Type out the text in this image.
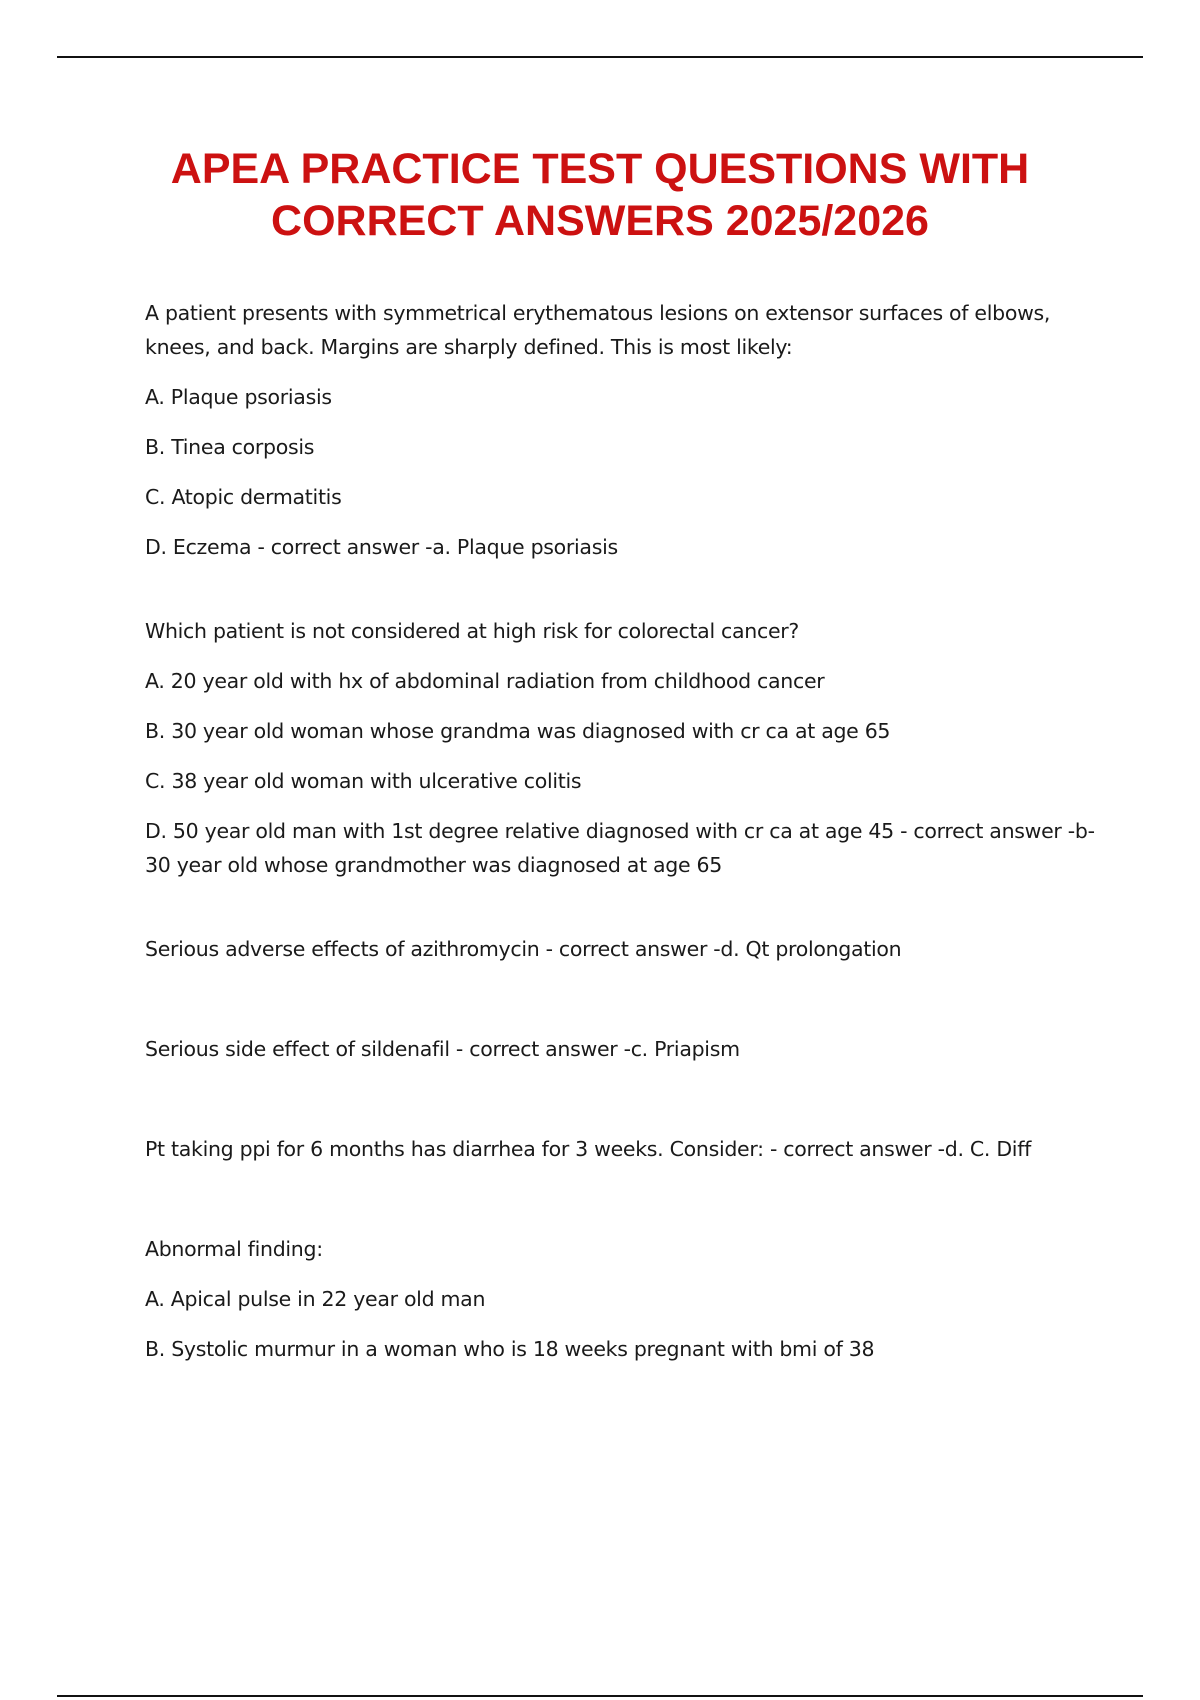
APEA PRACTICE TEST QUESTIONS WITH
CORRECT ANSWERS 2025/2026

A patient presents with symmetrical erythematous lesions on extensor surfaces of elbows, knees, and back. Margins are sharply defined. This is most likely:

A. Plaque psoriasis

B. Tinea corposis

C. Atopic dermatitis

D. Eczema - correct answer -a. Plaque psoriasis

Which patient is not considered at high risk for colorectal cancer?

A. 20 year old with hx of abdominal radiation from childhood cancer

B. 30 year old woman whose grandma was diagnosed with cr ca at age 65

C. 38 year old woman with ulcerative colitis

D. 50 year old man with 1st degree relative diagnosed with cr ca at age 45 - correct answer -b-30 year old whose grandmother was diagnosed at age 65

Serious adverse effects of azithromycin - correct answer -d. Qt prolongation

Serious side effect of sildenafil - correct answer -c. Priapism

Pt taking ppi for 6 months has diarrhea for 3 weeks. Consider: - correct answer -d. C. Diff

Abnormal finding:

A. Apical pulse in 22 year old man

B. Systolic murmur in a woman who is 18 weeks pregnant with bmi of 38
